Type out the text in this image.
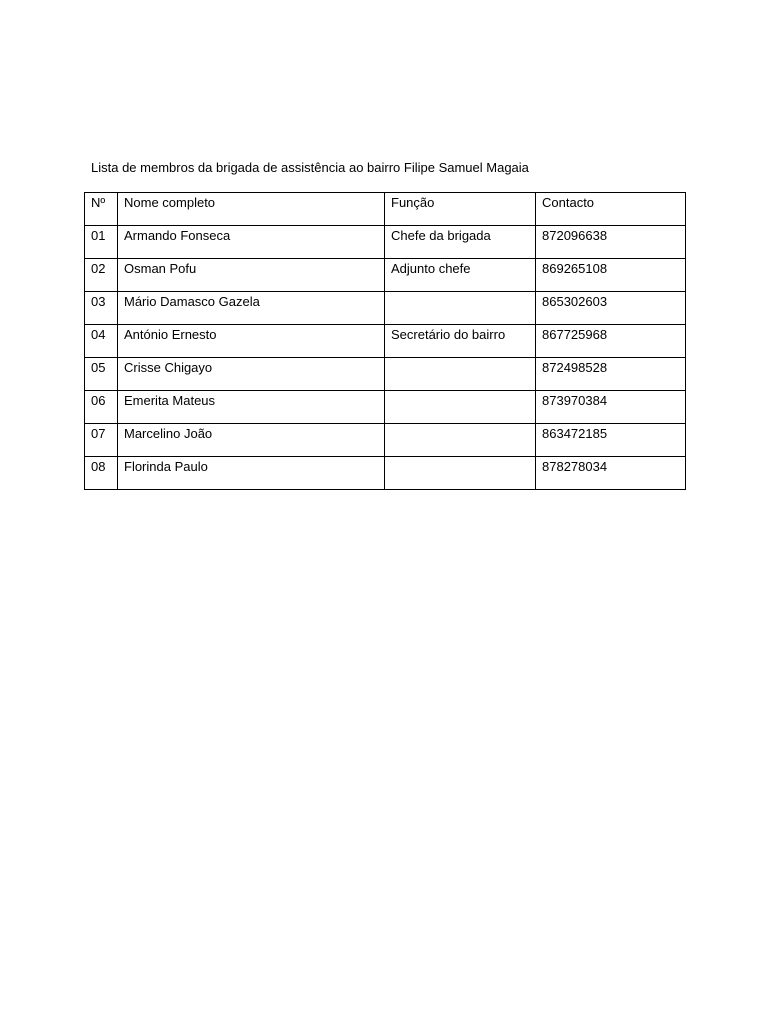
Lista de membros da brigada de assistência ao bairro Filipe Samuel Magaia
Nº	Nome completo	Função	Contacto
01	Armando Fonseca	Chefe da brigada	872096638
02	Osman Pofu	Adjunto chefe	869265108
03	Mário Damasco Gazela		865302603
04	António Ernesto	Secretário do bairro	867725968
05	Crisse Chigayo		872498528
06	Emerita Mateus		873970384
07	Marcelino João		863472185
08	Florinda Paulo		878278034
